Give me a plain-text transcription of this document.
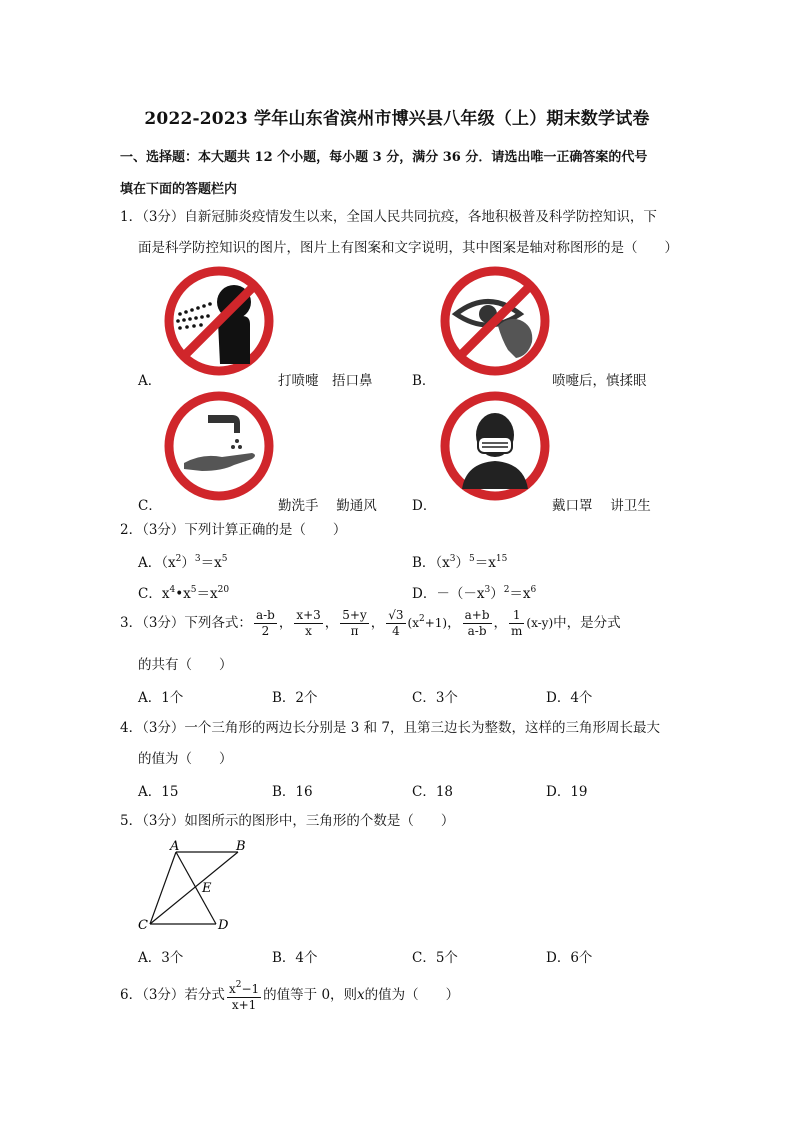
2022-2023 学年山东省滨州市博兴县八年级（上）期末数学试卷
一、选择题：本大题共 12 个小题，每小题 3 分，满分 36 分．请选出唯一正确答案的代号
填在下面的答题栏内
1．（3分）自新冠肺炎疫情发生以来，全国人民共同抗疫，各地积极普及科学防控知识，下
面是科学防控知识的图片，图片上有图案和文字说明，其中图案是轴对称图形的是（　　）
A．	打喷嚏　捂口鼻	B．	喷嚏后，慎揉眼
C．	勤洗手　 勤通风	D．	戴口罩　 讲卫生
2．（3分）下列计算正确的是（　　）
A．$(x^2)^3=x^5$	B．$(x^3)^5=x^{15}$
C．$x^4•x^5=x^{20}$	D．$-(-x^3)^2=x^6$
3．（3分）下列各式： $\frac{a-b}{2}$ ， $\frac{x+3}{x}$ ， $\frac{5+y}{\pi}$ ， $\frac{√3}{4} (x^2+1)$， $\frac{a+b}{a-b}$ ， $\frac{1}{m} (x-y)$中，是分式
的共有（　　）
A．1个	B．2个	C．3个	D．4个
4．（3分）一个三角形的两边长分别是 3 和 7，且第三边长为整数，这样的三角形周长最大
的值为（　　）
A．15	B．16	C．18	D．19
5．（3分）如图所示的图形中，三角形的个数是（　　）
A	B
C	D
E
A．3个	B．4个	C．5个	D．6个
6．（3分）若分式 $\frac{x^2-1}{x+1}$ 的值等于 0，则x的值为（　　）
